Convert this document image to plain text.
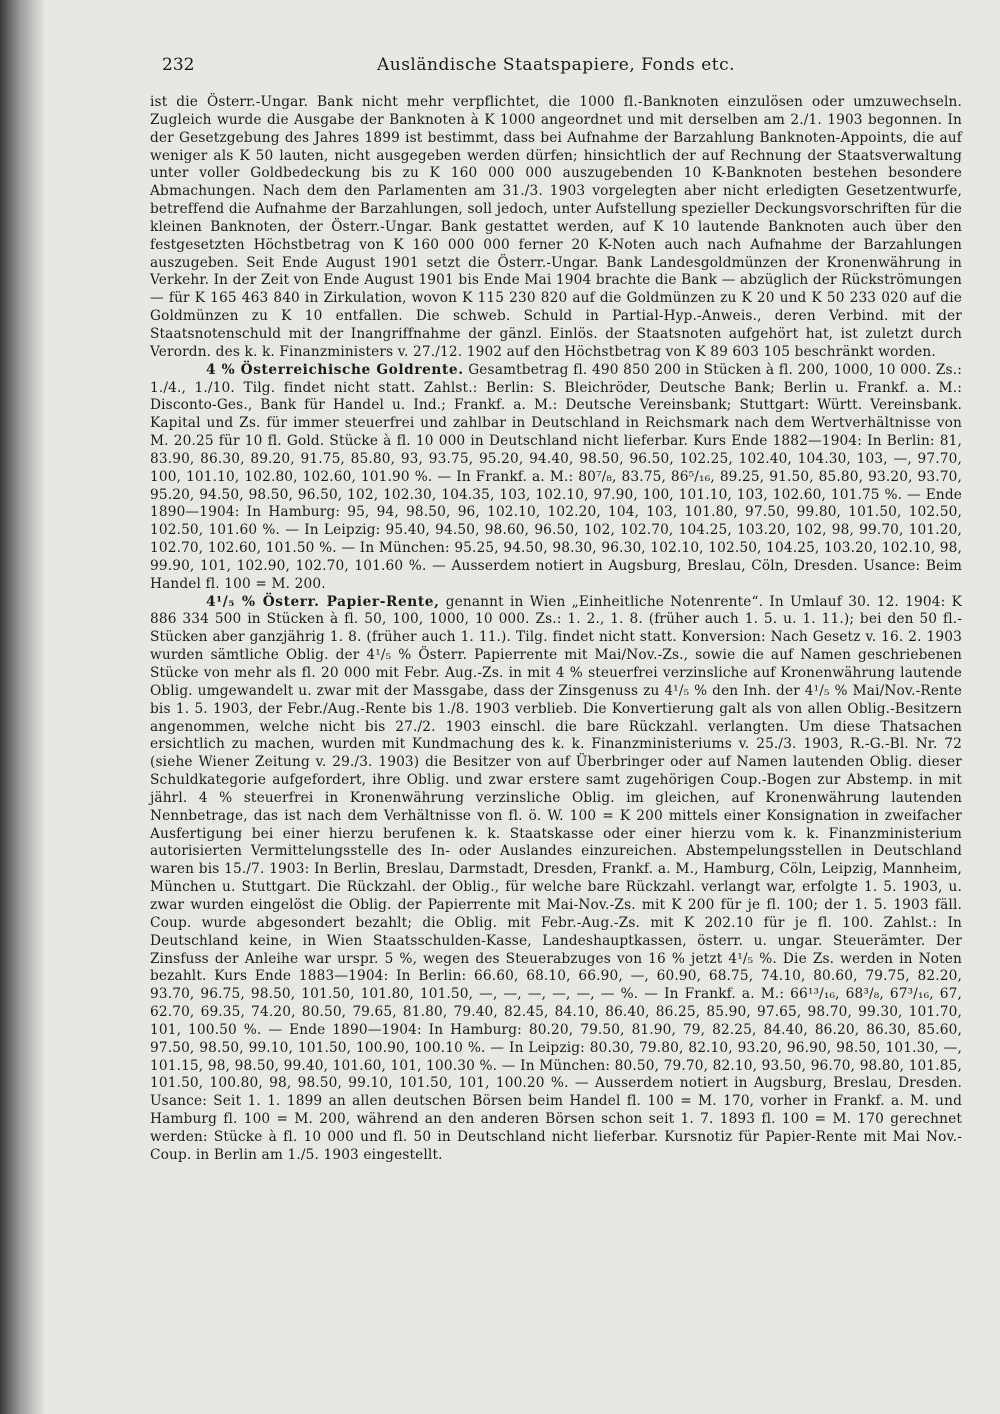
232	Ausländische Staatspapiere, Fonds etc.

ist die Österr.-Ungar. Bank nicht mehr verpflichtet, die 1000 fl.-Banknoten einzulösen oder umzuwechseln. Zugleich wurde die Ausgabe der Banknoten à K 1000 angeordnet und mit derselben am 2./1. 1903 begonnen. In der Gesetzgebung des Jahres 1899 ist bestimmt, dass bei Aufnahme der Barzahlung Banknoten-Appoints, die auf weniger als K 50 lauten, nicht ausgegeben werden dürfen; hinsichtlich der auf Rechnung der Staatsverwaltung unter voller Goldbedeckung bis zu K 160 000 000 auszugebenden 10 K-Banknoten bestehen besondere Abmachungen. Nach dem den Parlamenten am 31./3. 1903 vorgelegten aber nicht erledigten Gesetzentwurfe, betreffend die Aufnahme der Barzahlungen, soll jedoch, unter Aufstellung spezieller Deckungsvorschriften für die kleinen Banknoten, der Österr.-Ungar. Bank gestattet werden, auf K 10 lautende Banknoten auch über den festgesetzten Höchstbetrag von K 160 000 000 ferner 20 K-Noten auch nach Aufnahme der Barzahlungen auszugeben. Seit Ende August 1901 setzt die Österr.-Ungar. Bank Landesgoldmünzen der Kronenwährung in Verkehr. In der Zeit von Ende August 1901 bis Ende Mai 1904 brachte die Bank — abzüglich der Rückströmungen — für K 165 463 840 in Zirkulation, wovon K 115 230 820 auf die Goldmünzen zu K 20 und K 50 233 020 auf die Goldmünzen zu K 10 entfallen. Die schweb. Schuld in Partial-Hyp.-Anweis., deren Verbind. mit der Staatsnotenschuld mit der Inangriffnahme der gänzl. Einlös. der Staatsnoten aufgehört hat, ist zuletzt durch Verordn. des k. k. Finanzministers v. 27./12. 1902 auf den Höchstbetrag von K 89 603 105 beschränkt worden.

4 % Österreichische Goldrente. Gesamtbetrag fl. 490 850 200 in Stücken à fl. 200, 1000, 10 000. Zs.: 1./4., 1./10. Tilg. findet nicht statt. Zahlst.: Berlin: S. Bleichröder, Deutsche Bank; Berlin u. Frankf. a. M.: Disconto-Ges., Bank für Handel u. Ind.; Frankf. a. M.: Deutsche Vereinsbank; Stuttgart: Württ. Vereinsbank. Kapital und Zs. für immer steuerfrei und zahlbar in Deutschland in Reichsmark nach dem Wertverhältnisse von M. 20.25 für 10 fl. Gold. Stücke à fl. 10 000 in Deutschland nicht lieferbar. Kurs Ende 1882—1904: In Berlin: 81, 83.90, 86.30, 89.20, 91.75, 85.80, 93, 93.75, 95.20, 94.40, 98.50, 96.50, 102.25, 102.40, 104.30, 103, —, 97.70, 100, 101.10, 102.80, 102.60, 101.90 %. — In Frankf. a. M.: 80⁷/₈, 83.75, 86⁵/₁₆, 89.25, 91.50, 85.80, 93.20, 93.70, 95.20, 94.50, 98.50, 96.50, 102, 102.30, 104.35, 103, 102.10, 97.90, 100, 101.10, 103, 102.60, 101.75 %. — Ende 1890—1904: In Hamburg: 95, 94, 98.50, 96, 102.10, 102.20, 104, 103, 101.80, 97.50, 99.80, 101.50, 102.50, 102.50, 101.60 %. — In Leipzig: 95.40, 94.50, 98.60, 96.50, 102, 102.70, 104.25, 103.20, 102, 98, 99.70, 101.20, 102.70, 102.60, 101.50 %. — In München: 95.25, 94.50, 98.30, 96.30, 102.10, 102.50, 104.25, 103.20, 102.10, 98, 99.90, 101, 102.90, 102.70, 101.60 %. — Ausserdem notiert in Augsburg, Breslau, Cöln, Dresden. Usance: Beim Handel fl. 100 = M. 200.

4¹/₅ % Österr. Papier-Rente, genannt in Wien „Einheitliche Notenrente“. In Umlauf 30. 12. 1904: K 886 334 500 in Stücken à fl. 50, 100, 1000, 10 000. Zs.: 1. 2., 1. 8. (früher auch 1. 5. u. 1. 11.); bei den 50 fl.-Stücken aber ganzjährig 1. 8. (früher auch 1. 11.). Tilg. findet nicht statt. Konversion: Nach Gesetz v. 16. 2. 1903 wurden sämtliche Oblig. der 4¹/₅ % Österr. Papierrente mit Mai/Nov.-Zs., sowie die auf Namen geschriebenen Stücke von mehr als fl. 20 000 mit Febr. Aug.-Zs. in mit 4 % steuerfrei verzinsliche auf Kronenwährung lautende Oblig. umgewandelt u. zwar mit der Massgabe, dass der Zinsgenuss zu 4¹/₅ % den Inh. der 4¹/₅ % Mai/Nov.-Rente bis 1. 5. 1903, der Febr./Aug.-Rente bis 1./8. 1903 verblieb. Die Konvertierung galt als von allen Oblig.-Besitzern angenommen, welche nicht bis 27./2. 1903 einschl. die bare Rückzahl. verlangten. Um diese Thatsachen ersichtlich zu machen, wurden mit Kundmachung des k. k. Finanzministeriums v. 25./3. 1903, R.-G.-Bl. Nr. 72 (siehe Wiener Zeitung v. 29./3. 1903) die Besitzer von auf Überbringer oder auf Namen lautenden Oblig. dieser Schuldkategorie aufgefordert, ihre Oblig. und zwar erstere samt zugehörigen Coup.-Bogen zur Abstemp. in mit jährl. 4 % steuerfrei in Kronenwährung verzinsliche Oblig. im gleichen, auf Kronenwährung lautenden Nennbetrage, das ist nach dem Verhältnisse von fl. ö. W. 100 = K 200 mittels einer Konsignation in zweifacher Ausfertigung bei einer hierzu berufenen k. k. Staatskasse oder einer hierzu vom k. k. Finanzministerium autorisierten Vermittelungsstelle des In- oder Auslandes einzureichen. Abstempelungsstellen in Deutschland waren bis 15./7. 1903: In Berlin, Breslau, Darmstadt, Dresden, Frankf. a. M., Hamburg, Cöln, Leipzig, Mannheim, München u. Stuttgart. Die Rückzahl. der Oblig., für welche bare Rückzahl. verlangt war, erfolgte 1. 5. 1903, u. zwar wurden eingelöst die Oblig. der Papierrente mit Mai-Nov.-Zs. mit K 200 für je fl. 100; der 1. 5. 1903 fäll. Coup. wurde abgesondert bezahlt; die Oblig. mit Febr.-Aug.-Zs. mit K 202.10 für je fl. 100. Zahlst.: In Deutschland keine, in Wien Staatsschulden-Kasse, Landeshauptkassen, österr. u. ungar. Steuerämter. Der Zinsfuss der Anleihe war urspr. 5 %, wegen des Steuerabzuges von 16 % jetzt 4¹/₅ %. Die Zs. werden in Noten bezahlt. Kurs Ende 1883—1904: In Berlin: 66.60, 68.10, 66.90, —, 60.90, 68.75, 74.10, 80.60, 79.75, 82.20, 93.70, 96.75, 98.50, 101.50, 101.80, 101.50, —, —, —, —, —, — %. — In Frankf. a. M.: 66¹³/₁₆, 68³/₈, 67³/₁₆, 67, 62.70, 69.35, 74.20, 80.50, 79.65, 81.80, 79.40, 82.45, 84.10, 86.40, 86.25, 85.90, 97.65, 98.70, 99.30, 101.70, 101, 100.50 %. — Ende 1890—1904: In Hamburg: 80.20, 79.50, 81.90, 79, 82.25, 84.40, 86.20, 86.30, 85.60, 97.50, 98.50, 99.10, 101.50, 100.90, 100.10 %. — In Leipzig: 80.30, 79.80, 82.10, 93.20, 96.90, 98.50, 101.30, —, 101.15, 98, 98.50, 99.40, 101.60, 101, 100.30 %. — In München: 80.50, 79.70, 82.10, 93.50, 96.70, 98.80, 101.85, 101.50, 100.80, 98, 98.50, 99.10, 101.50, 101, 100.20 %. — Ausserdem notiert in Augsburg, Breslau, Dresden. Usance: Seit 1. 1. 1899 an allen deutschen Börsen beim Handel fl. 100 = M. 170, vorher in Frankf. a. M. und Hamburg fl. 100 = M. 200, während an den anderen Börsen schon seit 1. 7. 1893 fl. 100 = M. 170 gerechnet werden: Stücke à fl. 10 000 und fl. 50 in Deutschland nicht lieferbar. Kursnotiz für Papier-Rente mit Mai Nov.-Coup. in Berlin am 1./5. 1903 eingestellt.
